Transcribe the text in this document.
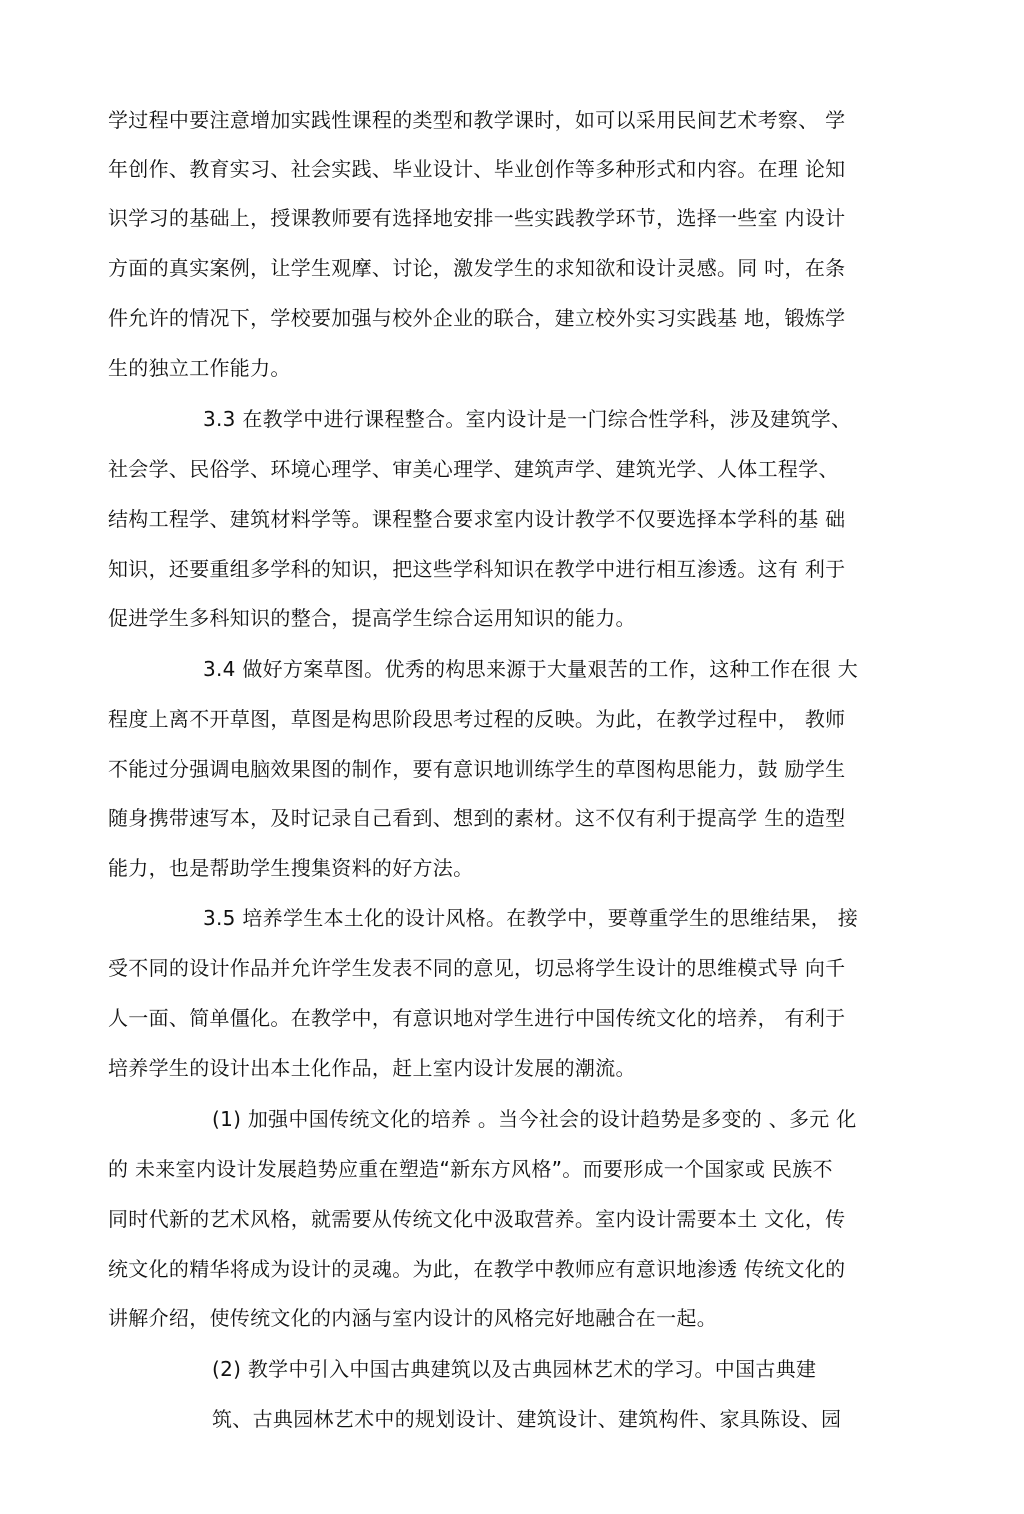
学过程中要注意增加实践性课程的类型和教学课时，如可以采用民间艺术考察、 学
年创作、教育实习、社会实践、毕业设计、毕业创作等多种形式和内容。在理 论知
识学习的基础上，授课教师要有选择地安排一些实践教学环节，选择一些室 内设计
方面的真实案例，让学生观摩、讨论，激发学生的求知欲和设计灵感。同 吋，在条
件允许的情况下，学校要加强与校外企业的联合，建立校外实习实践基 地，锻炼学
生的独立工作能力。
3.3 在教学中进行课程整合。室内设计是一门综合性学科，涉及建筑学、
社会学、民俗学、环境心理学、审美心理学、建筑声学、建筑光学、人体工程学、
结构工程学、建筑材料学等。课程整合要求室内设计教学不仅要选择本学科的基 础
知识，还要重组多学科的知识，把这些学科知识在教学中进行相互渗透。这有 利于
促进学生多科知识的整合，提高学生综合运用知识的能力。
3.4 做好方案草图。优秀的构思来源于大量艰苦的工作，这种工作在很 大
程度上离不开草图，草图是构思阶段思考过程的反映。为此，在教学过程中， 教师
不能过分强调电脑效果图的制作，要有意识地训练学生的草图构思能力，鼓 励学生
随身携带速写本，及时记录自己看到、想到的素材。这不仅有利于提高学 生的造型
能力，也是帮助学生搜集资料的好方法。
3.5 培养学生本土化的设计风格。在教学中，要尊重学生的思维结果， 接
受不同的设计作品并允许学生发表不同的意见，切忌将学生设计的思维模式导 向千
人一面、简单僵化。在教学中，有意识地对学生进行中国传统文化的培养， 有利于
培养学生的设计出本土化作品，赶上室内设计发展的潮流。
(1) 加强中国传统文化的培养 。当今社会的设计趋势是多变的 、多元 化
的 未来室内设计发展趋势应重在塑造“新东方风格”。而要形成一个国家或 民族不
同时代新的艺术风格，就需要从传统文化中汲取营养。室内设计需要本土 文化，传
统文化的精华将成为设计的灵魂。为此，在教学中教师应有意识地渗透 传统文化的
讲解介绍，使传统文化的内涵与室内设计的风格完好地融合在一起。
(2) 教学中引入中国古典建筑以及古典园林艺术的学习。中国古典建
筑、古典园林艺术中的规划设计、建筑设计、建筑构件、家具陈设、园
